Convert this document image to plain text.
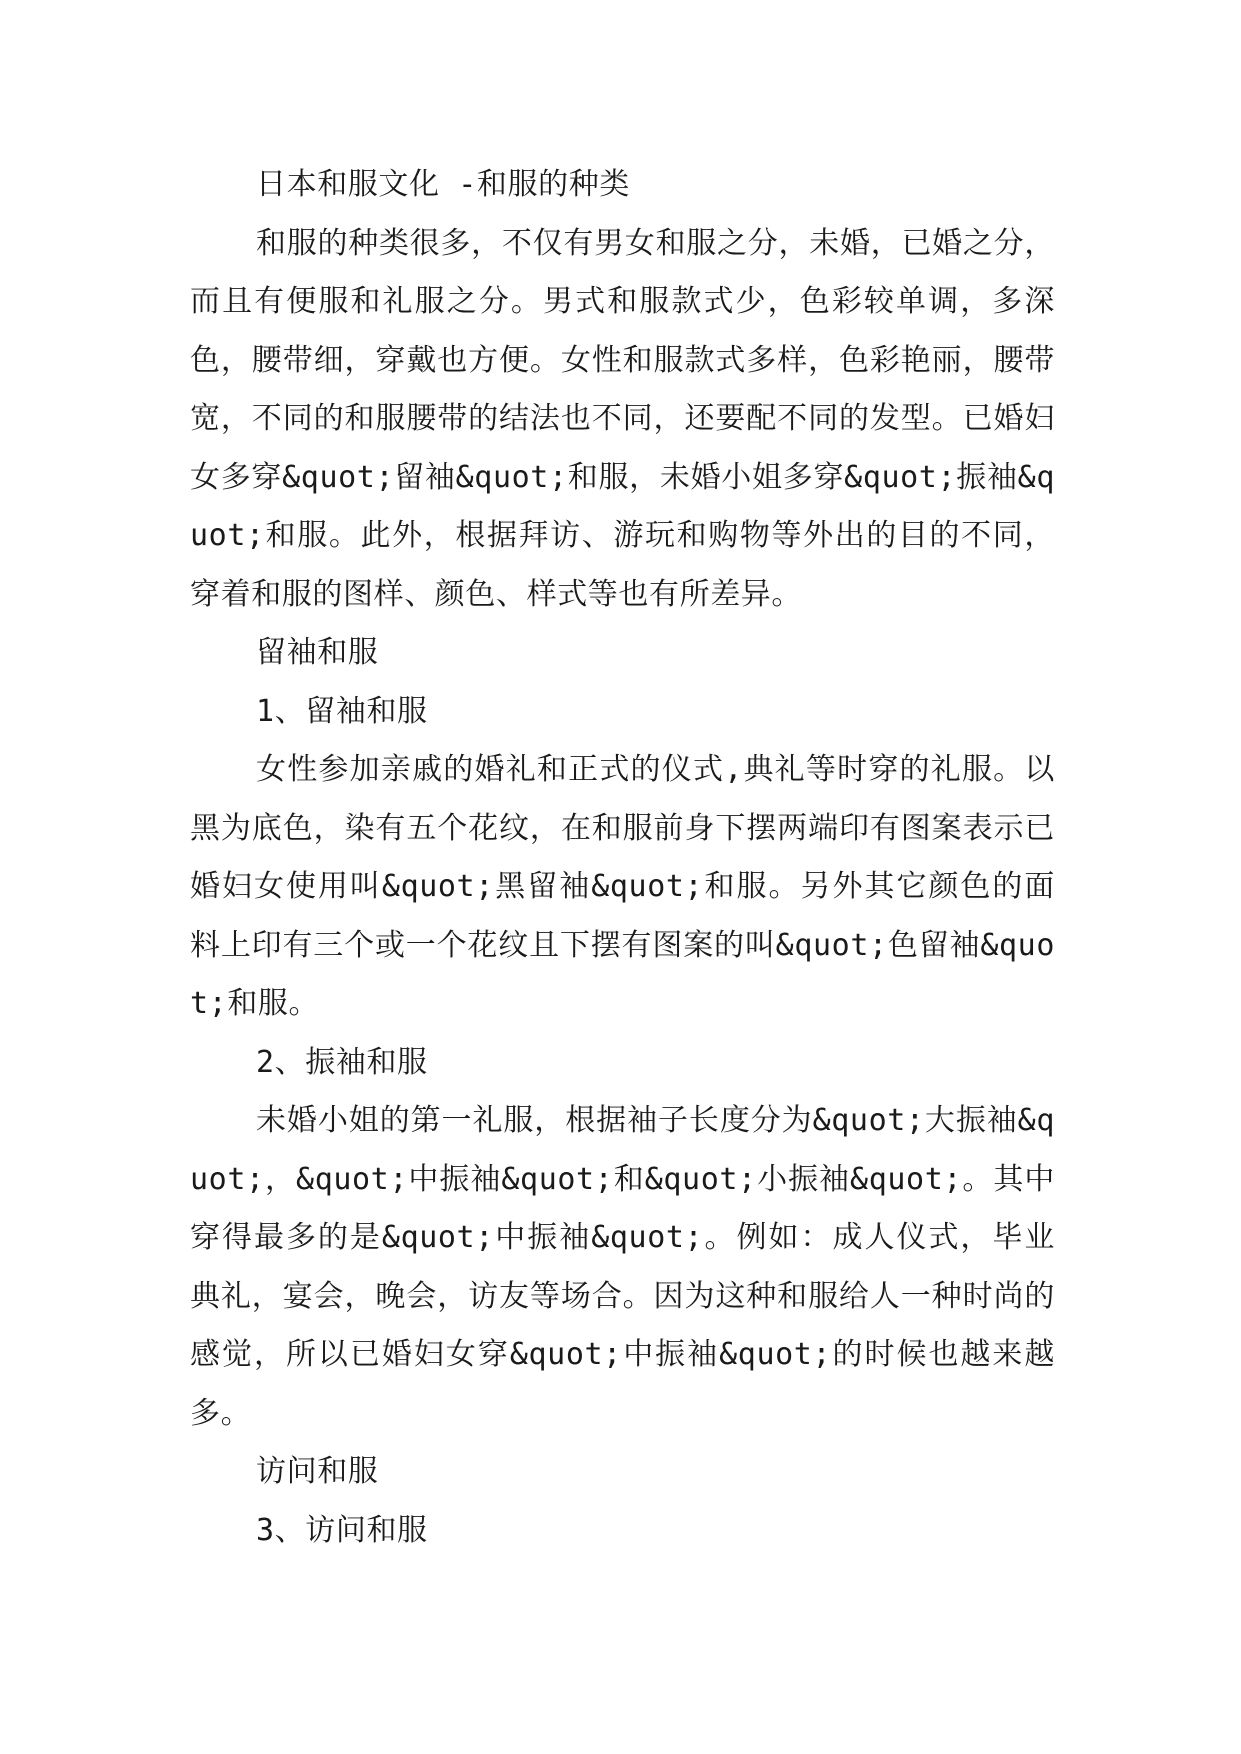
日本和服文化 -和服的种类

和服的种类很多，不仅有男女和服之分，未婚，已婚之分，而且有便服和礼服之分。男式和服款式少，色彩较单调，多深色，腰带细，穿戴也方便。女性和服款式多样，色彩艳丽，腰带宽，不同的和服腰带的结法也不同，还要配不同的发型。已婚妇女多穿&quot;留袖&quot;和服，未婚小姐多穿&quot;振袖&quot;和服。此外，根据拜访、游玩和购物等外出的目的不同，穿着和服的图样、颜色、样式等也有所差异。

留袖和服

1、留袖和服

女性参加亲戚的婚礼和正式的仪式,典礼等时穿的礼服。以黑为底色，染有五个花纹，在和服前身下摆两端印有图案表示已婚妇女使用叫&quot;黑留袖&quot;和服。另外其它颜色的面料上印有三个或一个花纹且下摆有图案的叫&quot;色留袖&quot;和服。

2、振袖和服

未婚小姐的第一礼服，根据袖子长度分为&quot;大振袖&quot;，&quot;中振袖&quot;和&quot;小振袖&quot;。其中穿得最多的是&quot;中振袖&quot;。例如：成人仪式，毕业典礼，宴会，晚会，访友等场合。因为这种和服给人一种时尚的感觉，所以已婚妇女穿&quot;中振袖&quot;的时候也越来越多。

访问和服

3、访问和服
